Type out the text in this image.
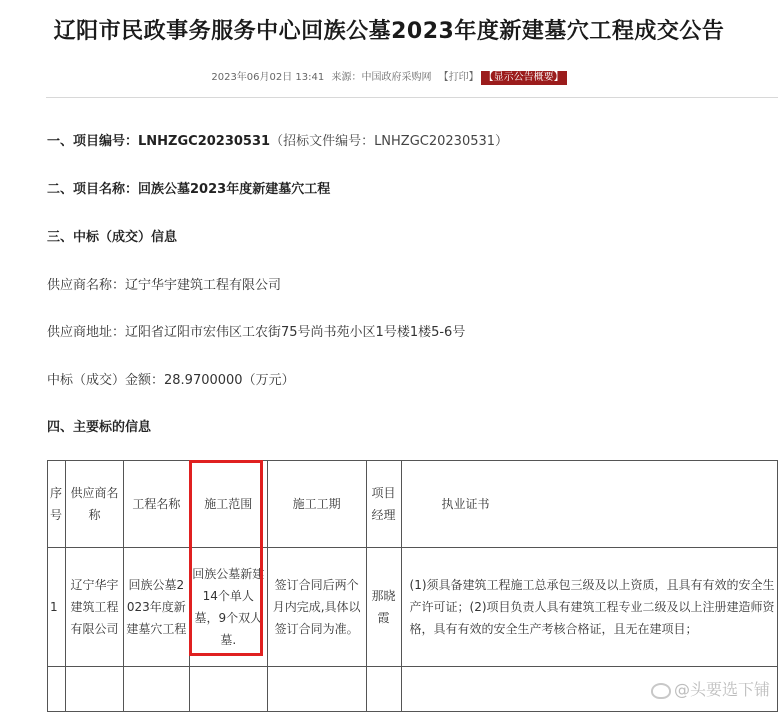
辽阳市民政事务服务中心回族公墓2023年度新建墓穴工程成交公告
2023年06月02日 13:41 来源：中国政府采购网 【打印】 【显示公告概要】
一、项目编号：LNHZGC20230531（招标文件编号：LNHZGC20230531）
二、项目名称：回族公墓2023年度新建墓穴工程
三、中标（成交）信息
供应商名称：辽宁华宇建筑工程有限公司
供应商地址：辽阳省辽阳市宏伟区工农街75号尚书苑小区1号楼1楼5-6号
中标（成交）金额：28.9700000（万元）
四、主要标的信息
序号	供应商名称	工程名称	施工范围	施工工期	项目经理	执业证书
1	辽宁华宇建筑工程有限公司	回族公墓2023年度新建墓穴工程	回族公墓新建14个单人墓，9个双人墓.	签订合同后两个月内完成,具体以签订合同为准。	那晓霞	(1)须具备建筑工程施工总承包三级及以上资质，且具有有效的安全生产许可证；(2)项目负责人具有建筑工程专业二级及以上注册建造师资格，具有有效的安全生产考核合格证，且无在建项目；

@头要选下铺
